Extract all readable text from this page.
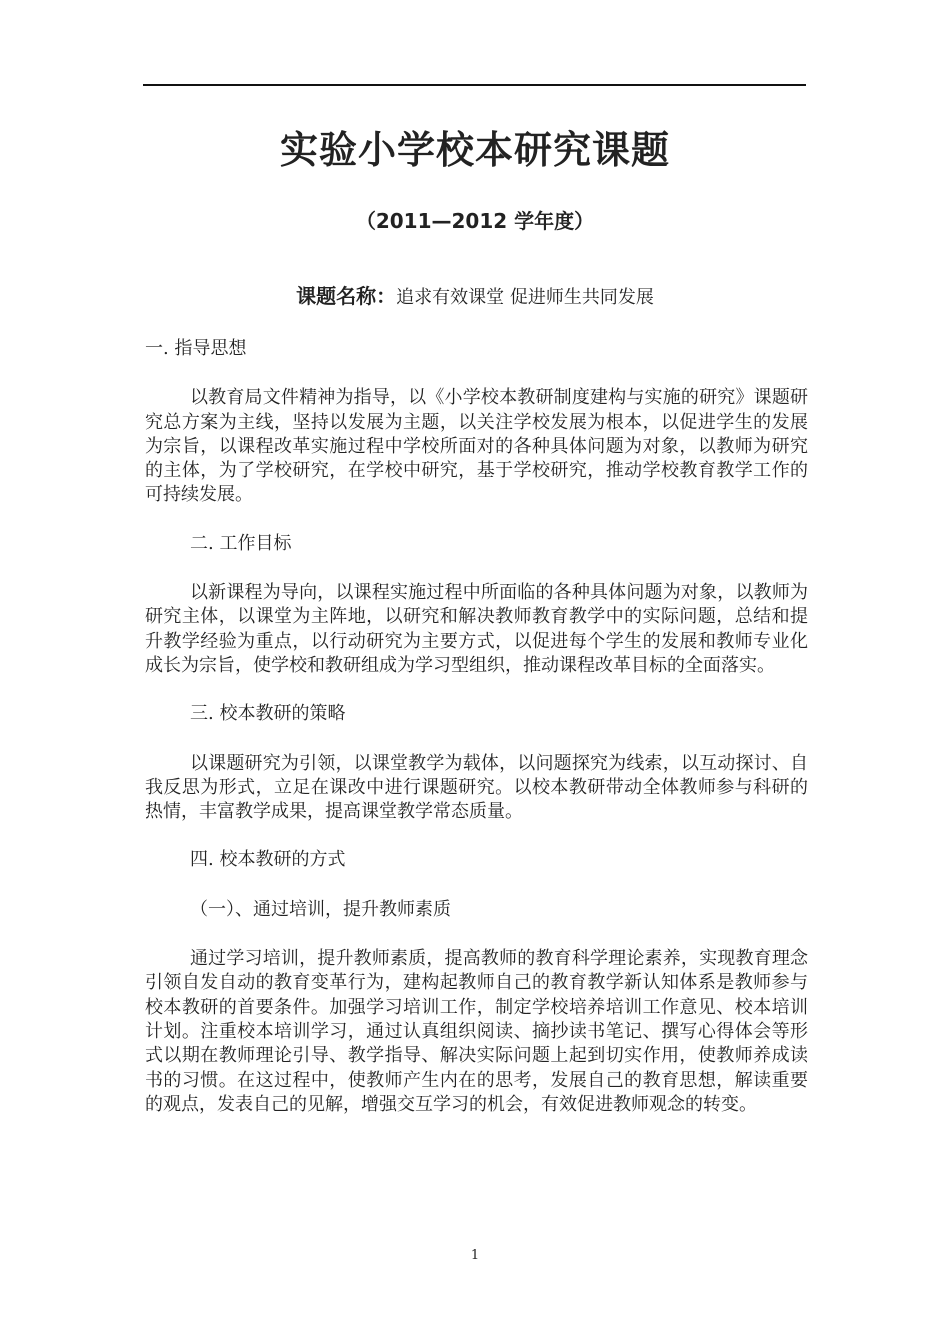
实验小学校本研究课题
（2011—2012 学年度）
课题名称：追求有效课堂 促进师生共同发展

一. 指导思想

以教育局文件精神为指导，以《小学校本教研制度建构与实施的研究》课题研究总方案为主线，坚持以发展为主题，以关注学校发展为根本，以促进学生的发展为宗旨，以课程改革实施过程中学校所面对的各种具体问题为对象，以教师为研究的主体，为了学校研究，在学校中研究，基于学校研究，推动学校教育教学工作的可持续发展。

二. 工作目标

以新课程为导向，以课程实施过程中所面临的各种具体问题为对象，以教师为研究主体，以课堂为主阵地，以研究和解决教师教育教学中的实际问题，总结和提升教学经验为重点，以行动研究为主要方式，以促进每个学生的发展和教师专业化成长为宗旨，使学校和教研组成为学习型组织，推动课程改革目标的全面落实。

三. 校本教研的策略

以课题研究为引领，以课堂教学为载体，以问题探究为线索，以互动探讨、自我反思为形式，立足在课改中进行课题研究。以校本教研带动全体教师参与科研的热情，丰富教学成果，提高课堂教学常态质量。

四. 校本教研的方式

（一）、通过培训，提升教师素质

通过学习培训，提升教师素质，提高教师的教育科学理论素养，实现教育理念引领自发自动的教育变革行为，建构起教师自己的教育教学新认知体系是教师参与校本教研的首要条件。加强学习培训工作，制定学校培养培训工作意见、校本培训计划。注重校本培训学习，通过认真组织阅读、摘抄读书笔记、撰写心得体会等形式以期在教师理论引导、教学指导、解决实际问题上起到切实作用，使教师养成读书的习惯。在这过程中，使教师产生内在的思考，发展自己的教育思想，解读重要的观点，发表自己的见解，增强交互学习的机会，有效促进教师观念的转变。

1
